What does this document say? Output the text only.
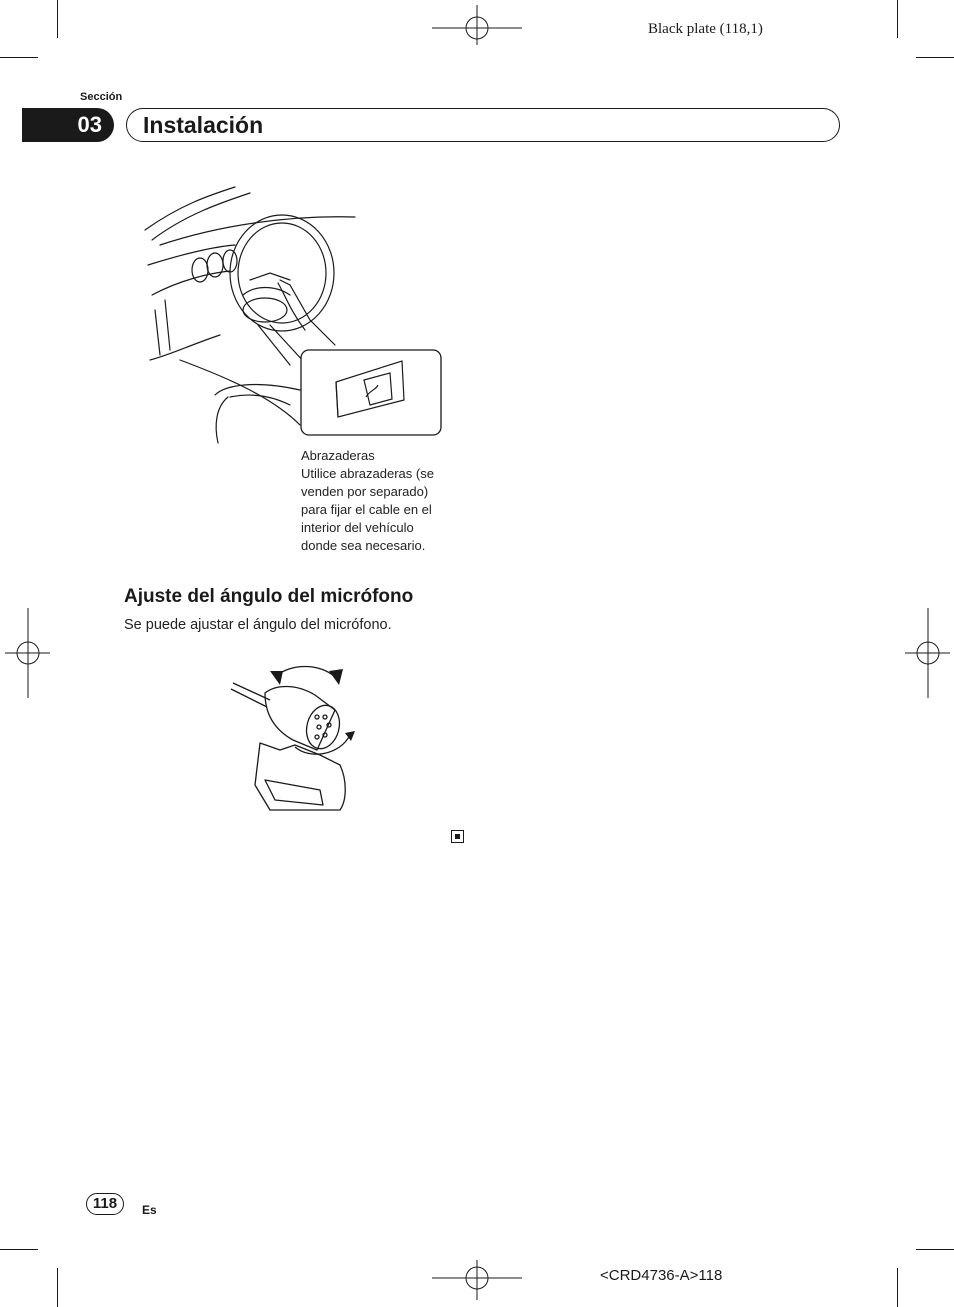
Black plate (118,1)
Sección
03	Instalación
Abrazaderas
Utilice abrazaderas (se
venden por separado)
para fijar el cable en el
interior del vehículo
donde sea necesario.
Ajuste del ángulo del micrófono
Se puede ajustar el ángulo del micrófono.
118	Es
<CRD4736-A>118
